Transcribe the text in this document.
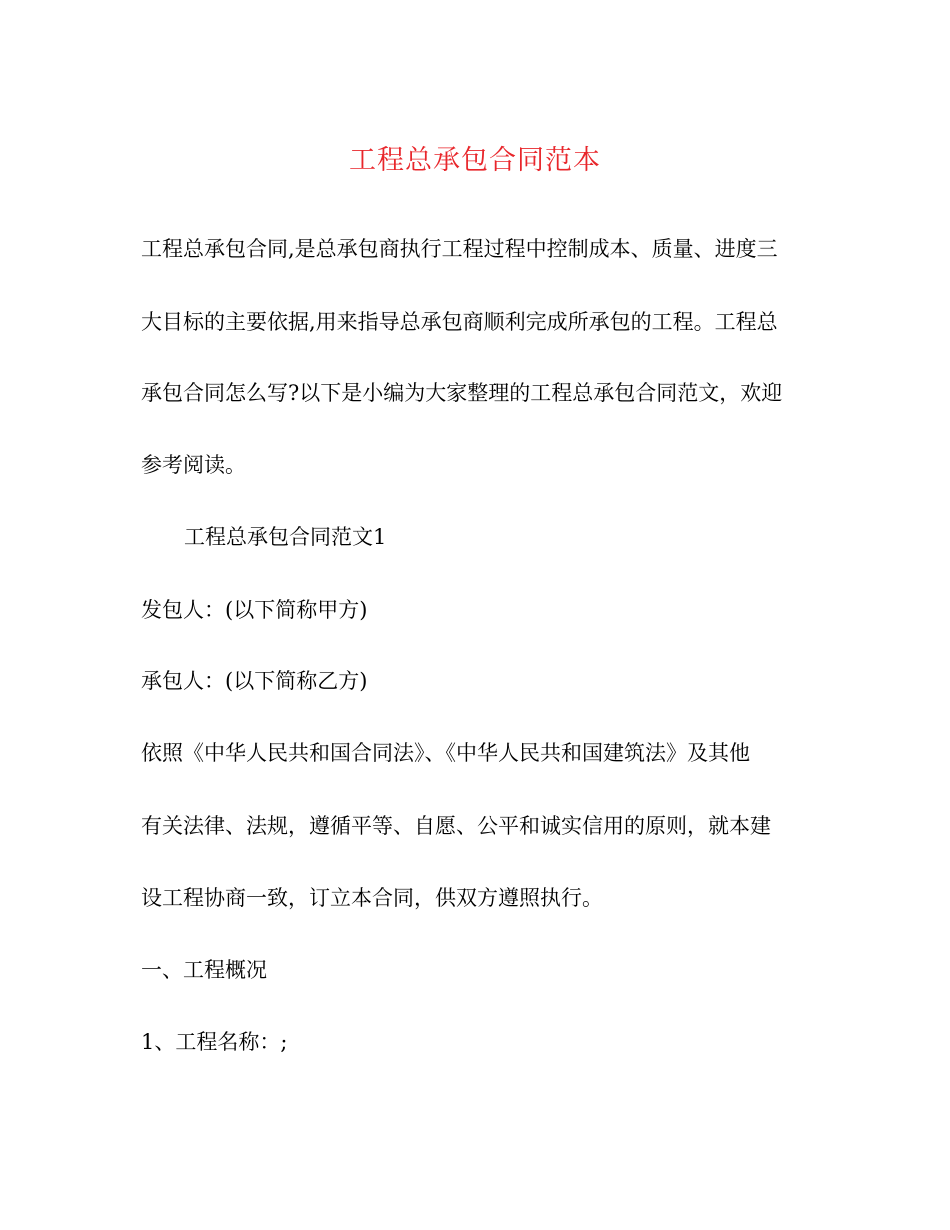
工程总承包合同范本
工程总承包合同,是总承包商执行工程过程中控制成本、质量、进度三
大目标的主要依据,用来指导总承包商顺利完成所承包的工程。工程总
承包合同怎么写?以下是小编为大家整理的工程总承包合同范文，欢迎
参考阅读。
工程总承包合同范文1
发包人：(以下简称甲方)
承包人：(以下简称乙方)
依照《中华人民共和国合同法》、《中华人民共和国建筑法》及其他
有关法律、法规，遵循平等、自愿、公平和诚实信用的原则，就本建
设工程协商一致，订立本合同，供双方遵照执行。
一、工程概况
1、工程名称：;
